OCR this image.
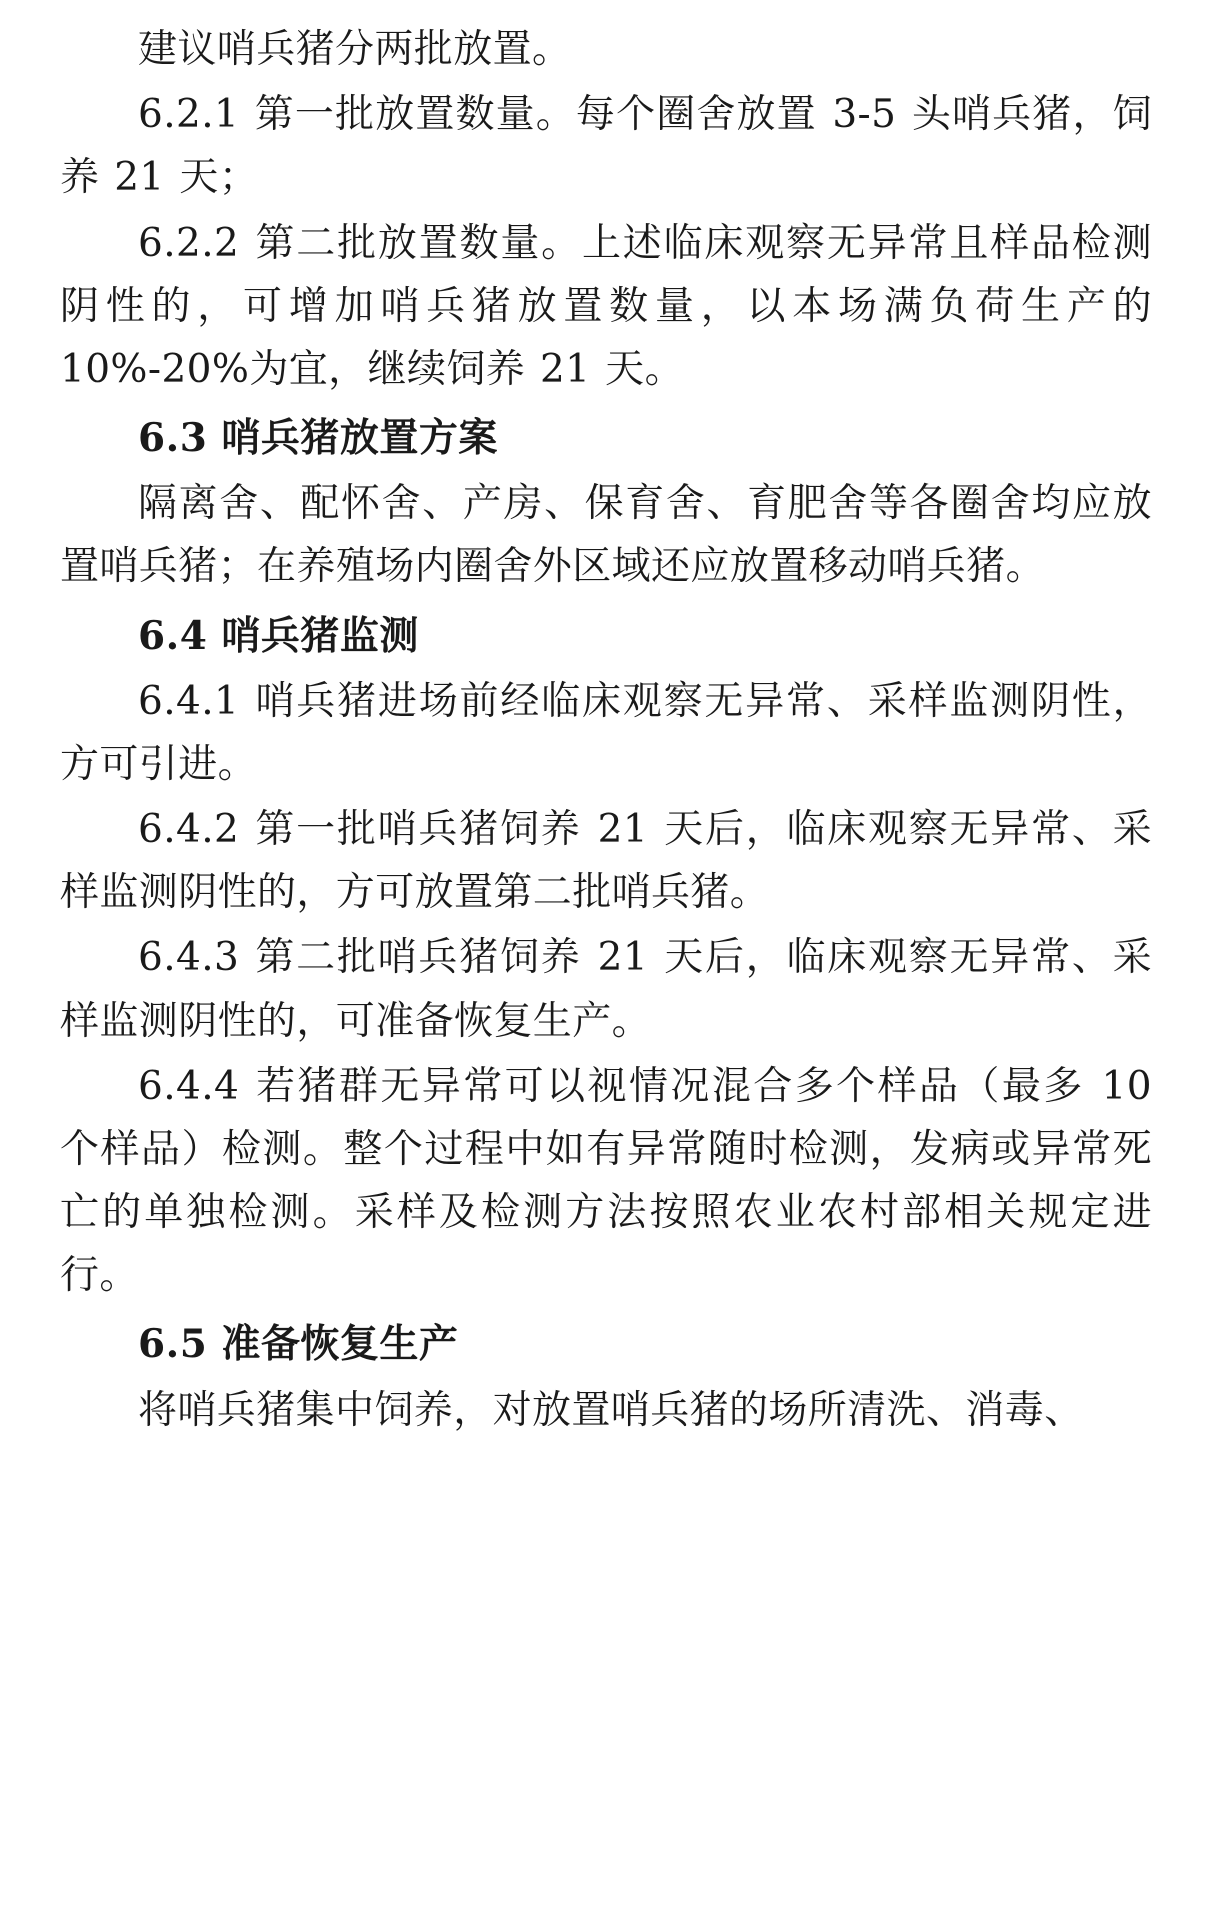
建议哨兵猪分两批放置。

6.2.1 第一批放置数量。每个圈舍放置 3-5 头哨兵猪，饲养 21 天；

6.2.2 第二批放置数量。上述临床观察无异常且样品检测阴性的，可增加哨兵猪放置数量，以本场满负荷生产的 10%-20%为宜，继续饲养 21 天。

6.3 哨兵猪放置方案

隔离舍、配怀舍、产房、保育舍、育肥舍等各圈舍均应放置哨兵猪；在养殖场内圈舍外区域还应放置移动哨兵猪。

6.4 哨兵猪监测

6.4.1 哨兵猪进场前经临床观察无异常、采样监测阴性，方可引进。

6.4.2 第一批哨兵猪饲养 21 天后，临床观察无异常、采样监测阴性的，方可放置第二批哨兵猪。

6.4.3 第二批哨兵猪饲养 21 天后，临床观察无异常、采样监测阴性的，可准备恢复生产。

6.4.4 若猪群无异常可以视情况混合多个样品（最多 10 个样品）检测。整个过程中如有异常随时检测，发病或异常死亡的单独检测。采样及检测方法按照农业农村部相关规定进行。

6.5 准备恢复生产

将哨兵猪集中饲养，对放置哨兵猪的场所清洗、消毒、
